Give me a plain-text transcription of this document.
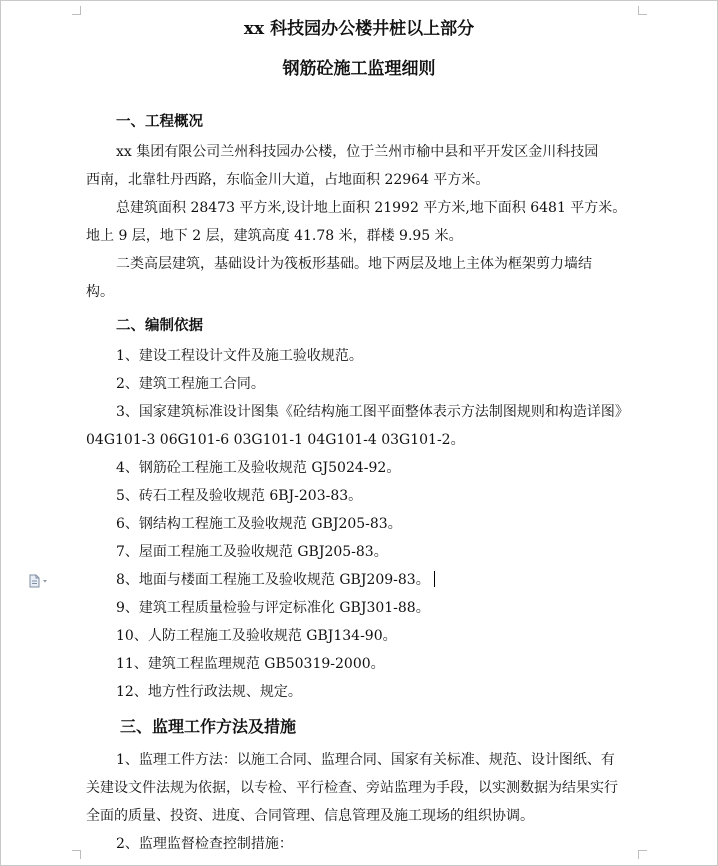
xx 科技园办公楼井桩以上部分
钢筋砼施工监理细则
一、工程概况
xx 集团有限公司兰州科技园办公楼，位于兰州市榆中县和平开发区金川科技园
西南，北靠牡丹西路，东临金川大道，占地面积 22964 平方米。
总建筑面积 28473 平方米,设计地上面积 21992 平方米,地下面积 6481 平方米。
地上 9 层，地下 2 层，建筑高度 41.78 米，群楼 9.95 米。
二类高层建筑，基础设计为筏板形基础。地下两层及地上主体为框架剪力墙结
构。
二、编制依据
1、建设工程设计文件及施工验收规范。
2、建筑工程施工合同。
3、国家建筑标准设计图集《砼结构施工图平面整体表示方法制图规则和构造详图》
04G101-3 06G101-6 03G101-1 04G101-4 03G101-2。
4、钢筋砼工程施工及验收规范 GJ5024-92。
5、砖石工程及验收规范 6BJ-203-83。
6、钢结构工程施工及验收规范 GBJ205-83。
7、屋面工程施工及验收规范 GBJ205-83。
8、地面与楼面工程施工及验收规范 GBJ209-83。
9、建筑工程质量检验与评定标准化 GBJ301-88。
10、人防工程施工及验收规范 GBJ134-90。
11、建筑工程监理规范 GB50319-2000。
12、地方性行政法规、规定。
三、监理工作方法及措施
1、监理工件方法：以施工合同、监理合同、国家有关标准、规范、设计图纸、有
关建设文件法规为依据，以专检、平行检查、旁站监理为手段，以实测数据为结果实行
全面的质量、投资、进度、合同管理、信息管理及施工现场的组织协调。
2、监理监督检查控制措施：
